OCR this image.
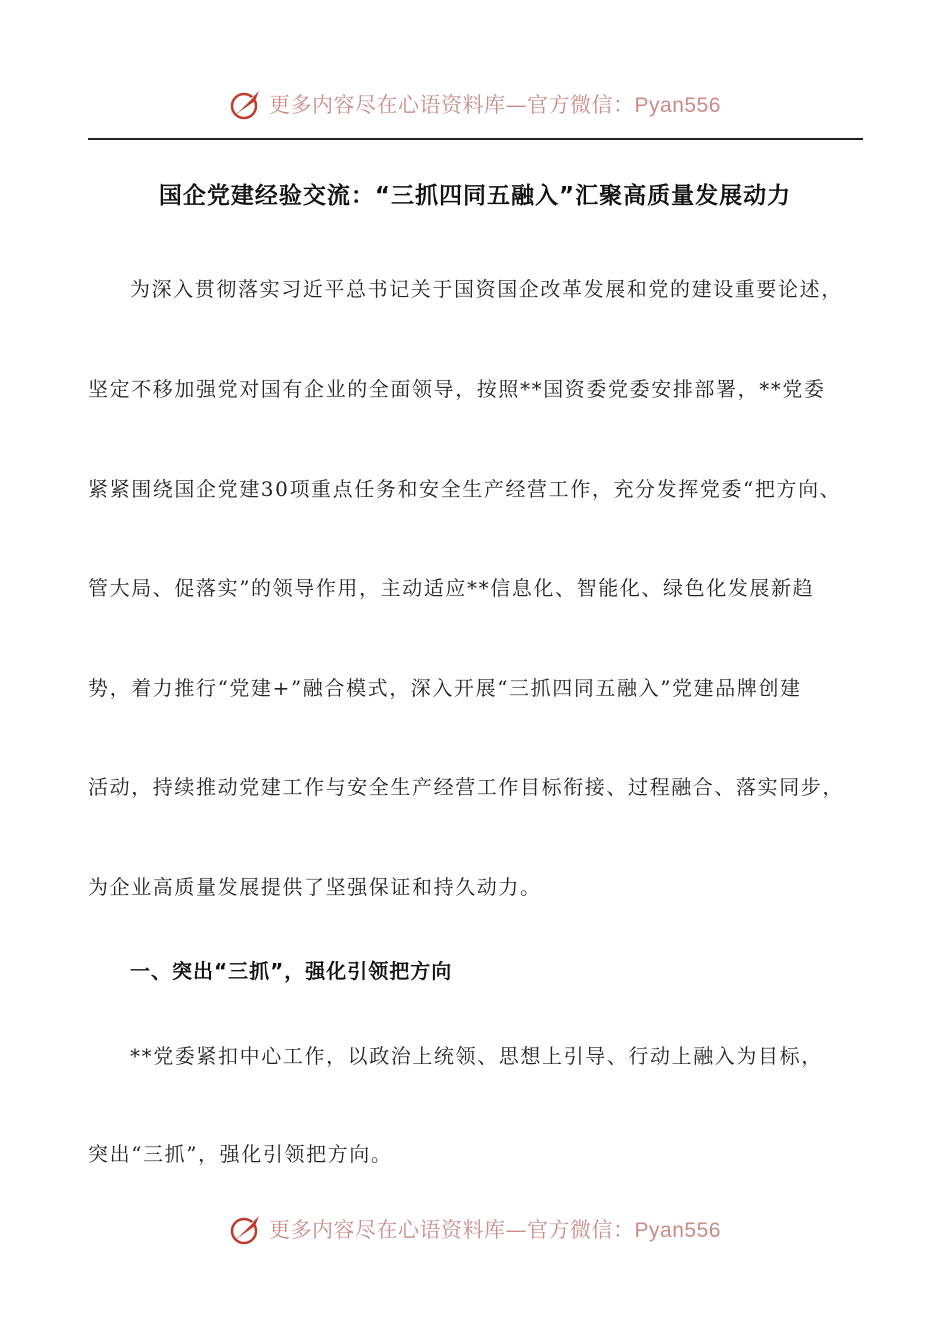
更多内容尽在心语资料库—官方微信：Pyan556
国企党建经验交流：“三抓四同五融入”汇聚高质量发展动力
为深入贯彻落实习近平总书记关于国资国企改革发展和党的建设重要论述，
坚定不移加强党对国有企业的全面领导，按照**国资委党委安排部署，**党委
紧紧围绕国企党建30项重点任务和安全生产经营工作，充分发挥党委“把方向、
管大局、促落实”的领导作用，主动适应**信息化、智能化、绿色化发展新趋
势，着力推行“党建+”融合模式，深入开展“三抓四同五融入”党建品牌创建
活动，持续推动党建工作与安全生产经营工作目标衔接、过程融合、落实同步，
为企业高质量发展提供了坚强保证和持久动力。
一、突出“三抓”，强化引领把方向
**党委紧扣中心工作，以政治上统领、思想上引导、行动上融入为目标，
突出“三抓”，强化引领把方向。
更多内容尽在心语资料库—官方微信：Pyan556
